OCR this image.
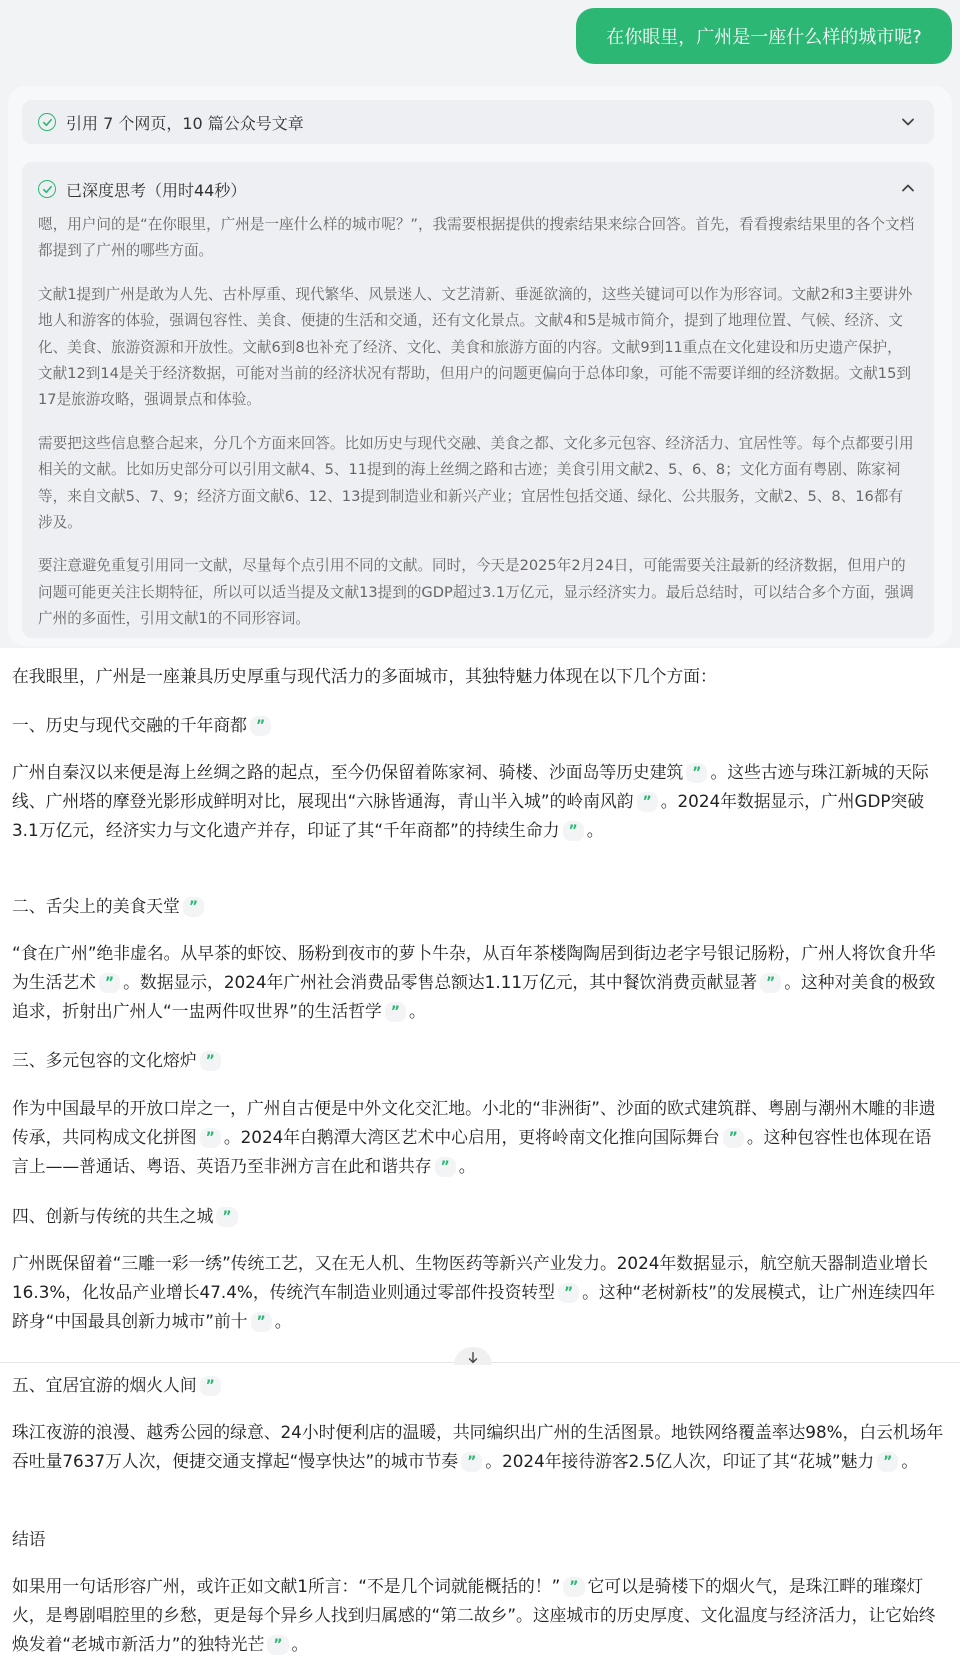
在你眼里，广州是一座什么样的城市呢?
引用 7 个网页，10 篇公众号文章
已深度思考（用时44秒）

嗯，用户问的是“在你眼里，广州是一座什么样的城市呢？”，我需要根据提供的搜索结果来综合回答。首先，看看搜索结果里的各个文档都提到了广州的哪些方面。

文献1提到广州是敢为人先、古朴厚重、现代繁华、风景迷人、文艺清新、垂涎欲滴的，这些关键词可以作为形容词。文献2和3主要讲外地人和游客的体验，强调包容性、美食、便捷的生活和交通，还有文化景点。文献4和5是城市简介，提到了地理位置、气候、经济、文化、美食、旅游资源和开放性。文献6到8也补充了经济、文化、美食和旅游方面的内容。文献9到11重点在文化建设和历史遗产保护，文献12到14是关于经济数据，可能对当前的经济状况有帮助，但用户的问题更偏向于总体印象，可能不需要详细的经济数据。文献15到17是旅游攻略，强调景点和体验。

需要把这些信息整合起来，分几个方面来回答。比如历史与现代交融、美食之都、文化多元包容、经济活力、宜居性等。每个点都要引用相关的文献。比如历史部分可以引用文献4、5、11提到的海上丝绸之路和古迹；美食引用文献2、5、6、8；文化方面有粤剧、陈家祠等，来自文献5、7、9；经济方面文献6、12、13提到制造业和新兴产业；宜居性包括交通、绿化、公共服务，文献2、5、8、16都有涉及。

要注意避免重复引用同一文献，尽量每个点引用不同的文献。同时，今天是2025年2月24日，可能需要关注最新的经济数据，但用户的问题可能更关注长期特征，所以可以适当提及文献13提到的GDP超过3.1万亿元，显示经济实力。最后总结时，可以结合多个方面，强调广州的多面性，引用文献1的不同形容词。

在我眼里，广州是一座兼具历史厚重与现代活力的多面城市，其独特魅力体现在以下几个方面：

一、历史与现代交融的千年商都 ”

广州自秦汉以来便是海上丝绸之路的起点，至今仍保留着陈家祠、骑楼、沙面岛等历史建筑 ” 。这些古迹与珠江新城的天际线、广州塔的摩登光影形成鲜明对比，展现出“六脉皆通海，青山半入城”的岭南风韵 ” 。2024年数据显示，广州GDP突破3.1万亿元，经济实力与文化遗产并存，印证了其“千年商都”的持续生命力 ” 。

二、舌尖上的美食天堂 ”

“食在广州”绝非虚名。从早茶的虾饺、肠粉到夜市的萝卜牛杂，从百年茶楼陶陶居到街边老字号银记肠粉，广州人将饮食升华为生活艺术 ” 。数据显示，2024年广州社会消费品零售总额达1.11万亿元，其中餐饮消费贡献显著 ” 。这种对美食的极致追求，折射出广州人“一盅两件叹世界”的生活哲学 ” 。

三、多元包容的文化熔炉 ”

作为中国最早的开放口岸之一，广州自古便是中外文化交汇地。小北的“非洲街”、沙面的欧式建筑群、粤剧与潮州木雕的非遗传承，共同构成文化拼图 ” 。2024年白鹅潭大湾区艺术中心启用，更将岭南文化推向国际舞台 ” 。这种包容性也体现在语言上——普通话、粤语、英语乃至非洲方言在此和谐共存 ” 。

四、创新与传统的共生之城 ”

广州既保留着“三雕一彩一绣”传统工艺，又在无人机、生物医药等新兴产业发力。2024年数据显示，航空航天器制造业增长16.3%，化妆品产业增长47.4%，传统汽车制造业则通过零部件投资转型 ” 。这种“老树新枝”的发展模式，让广州连续四年跻身“中国最具创新力城市”前十 ” 。

五、宜居宜游的烟火人间 ”

珠江夜游的浪漫、越秀公园的绿意、24小时便利店的温暖，共同编织出广州的生活图景。地铁网络覆盖率达98%，白云机场年吞吐量7637万人次，便捷交通支撑起“慢享快达”的城市节奏 ” 。2024年接待游客2.5亿人次，印证了其“花城”魅力 ” 。

结语

如果用一句话形容广州，或许正如文献1所言：“不是几个词就能概括的！” ” 它可以是骑楼下的烟火气，是珠江畔的璀璨灯火，是粤剧唱腔里的乡愁，更是每个异乡人找到归属感的“第二故乡”。这座城市的历史厚度、文化温度与经济活力，让它始终焕发着“老城市新活力”的独特光芒 ” 。
